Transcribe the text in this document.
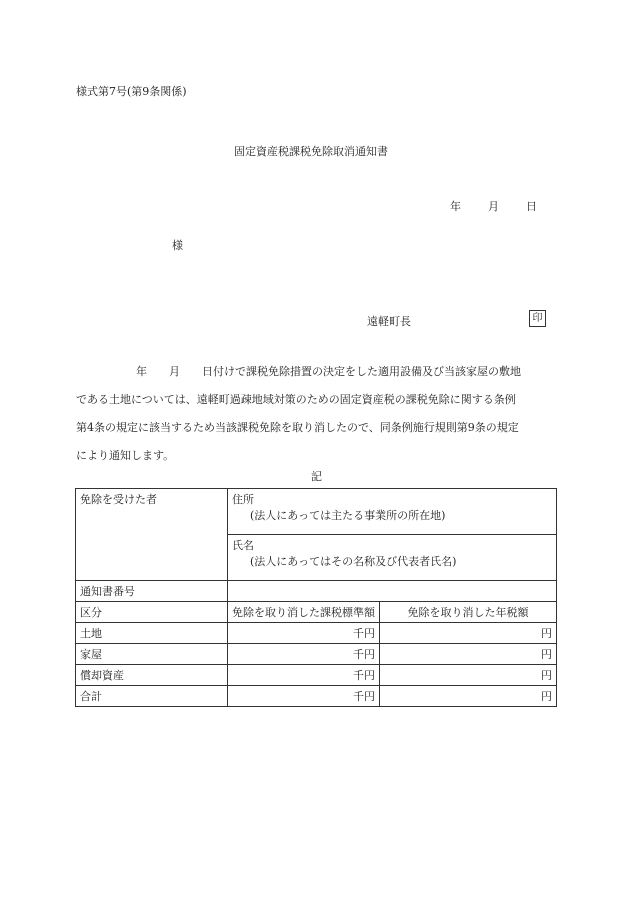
様式第7号(第9条関係)
固定資産税課税免除取消通知書
年 月 日
様
遠軽町長	印

年　　月　　日付けで課税免除措置の決定をした適用設備及び当該家屋の敷地

である土地については、遠軽町過疎地域対策のための固定資産税の課税免除に関する条例

第4条の規定に該当するため当該課税免除を取り消したので、同条例施行規則第9条の規定

により通知します。

記
免除を受けた者	住所
(法人にあっては主たる事業所の所在地)	

	氏名
(法人にあってはその名称及び代表者氏名)	

通知書番号		
区分	免除を取り消した課税標準額	免除を取り消した年税額
土地	千円	円
家屋	千円	円
償却資産	千円	円
合計	千円	円
